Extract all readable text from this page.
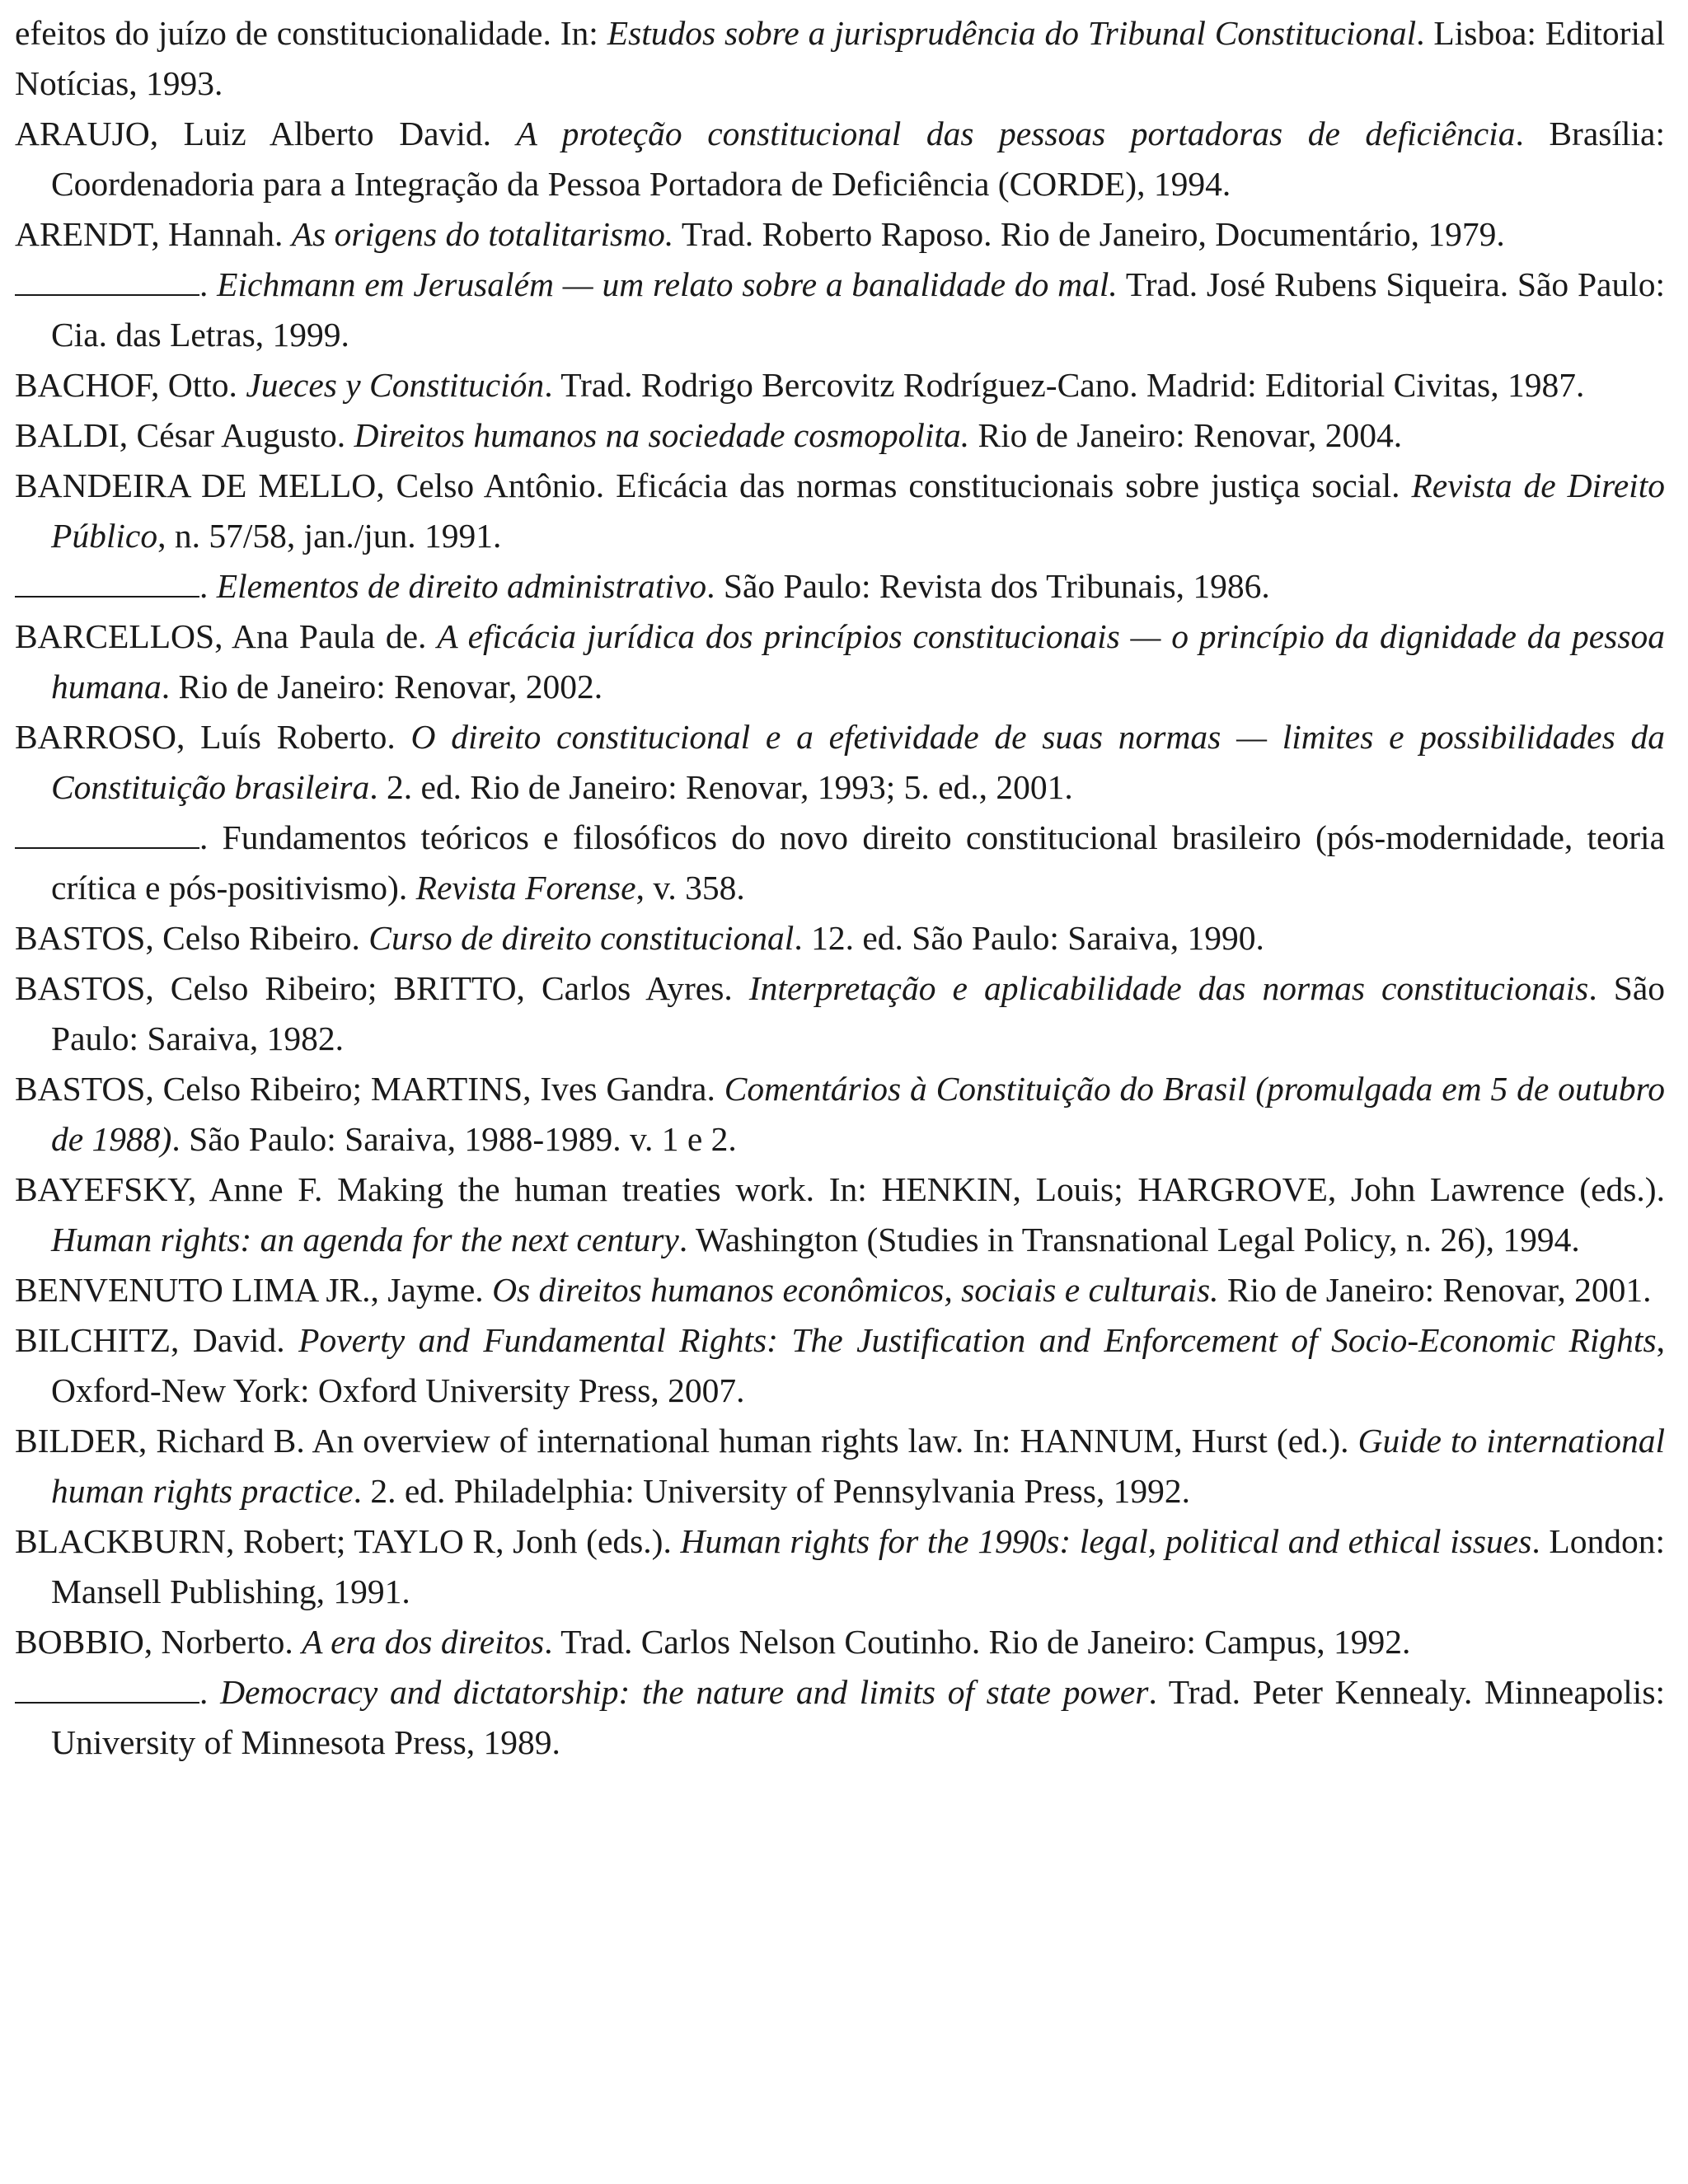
efeitos do juízo de constitucionalidade. In: Estudos sobre a jurisprudência do Tribunal Constitucional. Lisboa: Editorial Notícias, 1993.

ARAUJO, Luiz Alberto David. A proteção constitucional das pessoas portadoras de deficiência. Brasília: Coordenadoria para a Integração da Pessoa Portadora de Deficiência (CORDE), 1994.

ARENDT, Hannah. As origens do totalitarismo. Trad. Roberto Raposo. Rio de Janeiro, Documentário, 1979.

. Eichmann em Jerusalém — um relato sobre a banalidade do mal. Trad. José Rubens Siqueira. São Paulo: Cia. das Letras, 1999.

BACHOF, Otto. Jueces y Constitución. Trad. Rodrigo Bercovitz Rodríguez-Cano. Madrid: Editorial Civitas, 1987.

BALDI, César Augusto. Direitos humanos na sociedade cosmopolita. Rio de Janeiro: Renovar, 2004.

BANDEIRA DE MELLO, Celso Antônio. Eficácia das normas constitucionais sobre justiça social. Revista de Direito Público, n. 57/58, jan./jun. 1991.

. Elementos de direito administrativo. São Paulo: Revista dos Tribunais, 1986.

BARCELLOS, Ana Paula de. A eficácia jurídica dos princípios constitucionais — o princípio da dignidade da pessoa humana. Rio de Janeiro: Renovar, 2002.

BARROSO, Luís Roberto. O direito constitucional e a efetividade de suas normas — limites e possibilidades da Constituição brasileira. 2. ed. Rio de Janeiro: Renovar, 1993; 5. ed., 2001.

. Fundamentos teóricos e filosóficos do novo direito constitucional brasileiro (pós-modernidade, teoria crítica e pós-positivismo). Revista Forense, v. 358.

BASTOS, Celso Ribeiro. Curso de direito constitucional. 12. ed. São Paulo: Saraiva, 1990.

BASTOS, Celso Ribeiro; BRITTO, Carlos Ayres. Interpretação e aplicabilidade das normas constitucionais. São Paulo: Saraiva, 1982.

BASTOS, Celso Ribeiro; MARTINS, Ives Gandra. Comentários à Constituição do Brasil (promulgada em 5 de outubro de 1988). São Paulo: Saraiva, 1988-1989. v. 1 e 2.

BAYEFSKY, Anne F. Making the human treaties work. In: HENKIN, Louis; HARGROVE, John Lawrence (eds.). Human rights: an agenda for the next century. Washington (Studies in Transnational Legal Policy, n. 26), 1994.

BENVENUTO LIMA JR., Jayme. Os direitos humanos econômicos, sociais e culturais. Rio de Janeiro: Renovar, 2001.

BILCHITZ, David. Poverty and Fundamental Rights: The Justification and Enforcement of Socio-Economic Rights, Oxford-New York: Oxford University Press, 2007.

BILDER, Richard B. An overview of international human rights law. In: HANNUM, Hurst (ed.). Guide to international human rights practice. 2. ed. Philadelphia: University of Pennsylvania Press, 1992.

BLACKBURN, Robert; TAYLO R, Jonh (eds.). Human rights for the 1990s: legal, political and ethical issues. London: Mansell Publishing, 1991.

BOBBIO, Norberto. A era dos direitos. Trad. Carlos Nelson Coutinho. Rio de Janeiro: Campus, 1992.

. Democracy and dictatorship: the nature and limits of state power. Trad. Peter Kennealy. Minneapolis: University of Minnesota Press, 1989.
